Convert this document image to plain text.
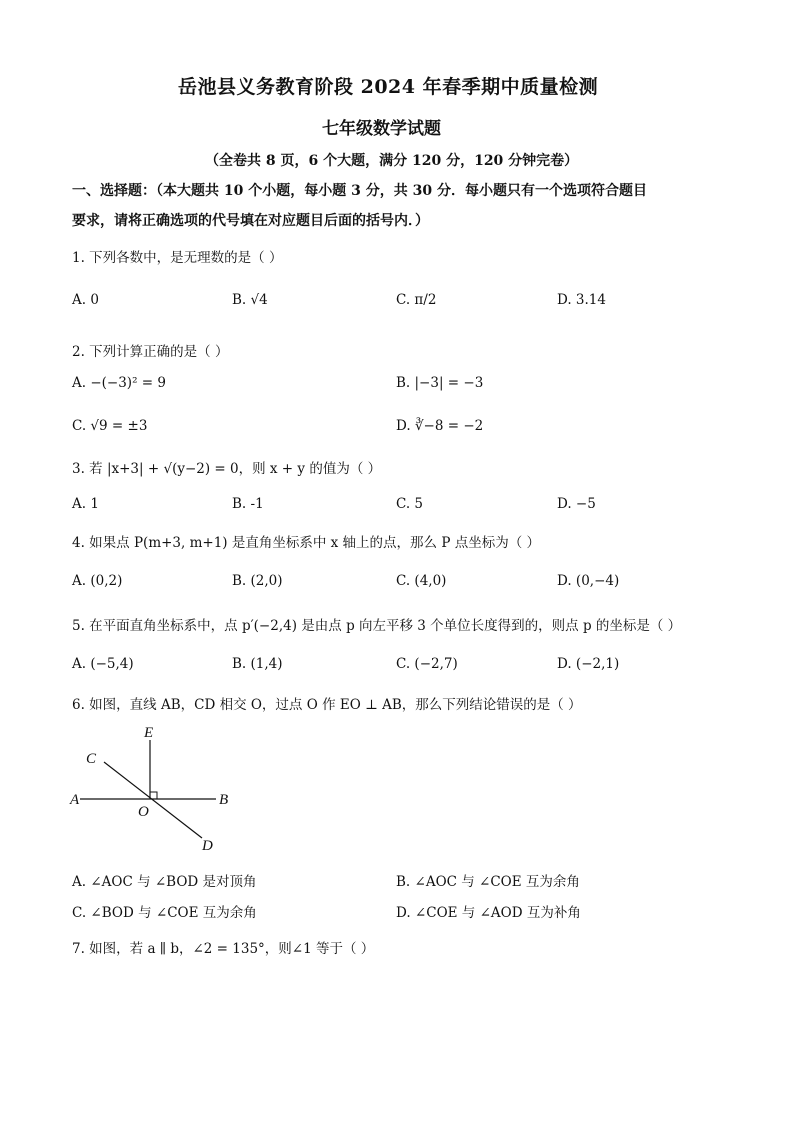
岳池县义务教育阶段 2024 年春季期中质量检测
七年级数学试题
（全卷共 8 页，6 个大题，满分 120 分，120 分钟完卷）
一、选择题：（本大题共 10 个小题，每小题 3 分，共 30 分．每小题只有一个选项符合题目
要求，请将正确选项的代号填在对应题目后面的括号内．）
1. 下列各数中，是无理数的是（ ）
A. 0	B. √4	C. π/2	D. 3.14
2. 下列计算正确的是（ ）
A. −(−3)² = 9	B. |−3| = −3
C. √9 = ±3	D. ∛−8 = −2
3. 若 |x+3| + √(y−2) = 0，则 x + y 的值为（ ）
A. 1	B. -1	C. 5	D. −5
4. 如果点 P(m+3, m+1) 是直角坐标系中 x 轴上的点，那么 P 点坐标为（ ）
A. (0,2)	B. (2,0)	C. (4,0)	D. (0,−4)
5. 在平面直角坐标系中，点 p′(−2,4) 是由点 p 向左平移 3 个单位长度得到的，则点 p 的坐标是（ ）
A. (−5,4)	B. (1,4)	C. (−2,7)	D. (−2,1)
6. 如图，直线 AB，CD 相交 O，过点 O 作 EO ⊥ AB，那么下列结论错误的是（ ）
E
C
A
O
B
D
A. ∠AOC 与 ∠BOD 是对顶角	B. ∠AOC 与 ∠COE 互为余角
C. ∠BOD 与 ∠COE 互为余角	D. ∠COE 与 ∠AOD 互为补角
7. 如图，若 a ∥ b，∠2 = 135°，则∠1 等于（ ）
